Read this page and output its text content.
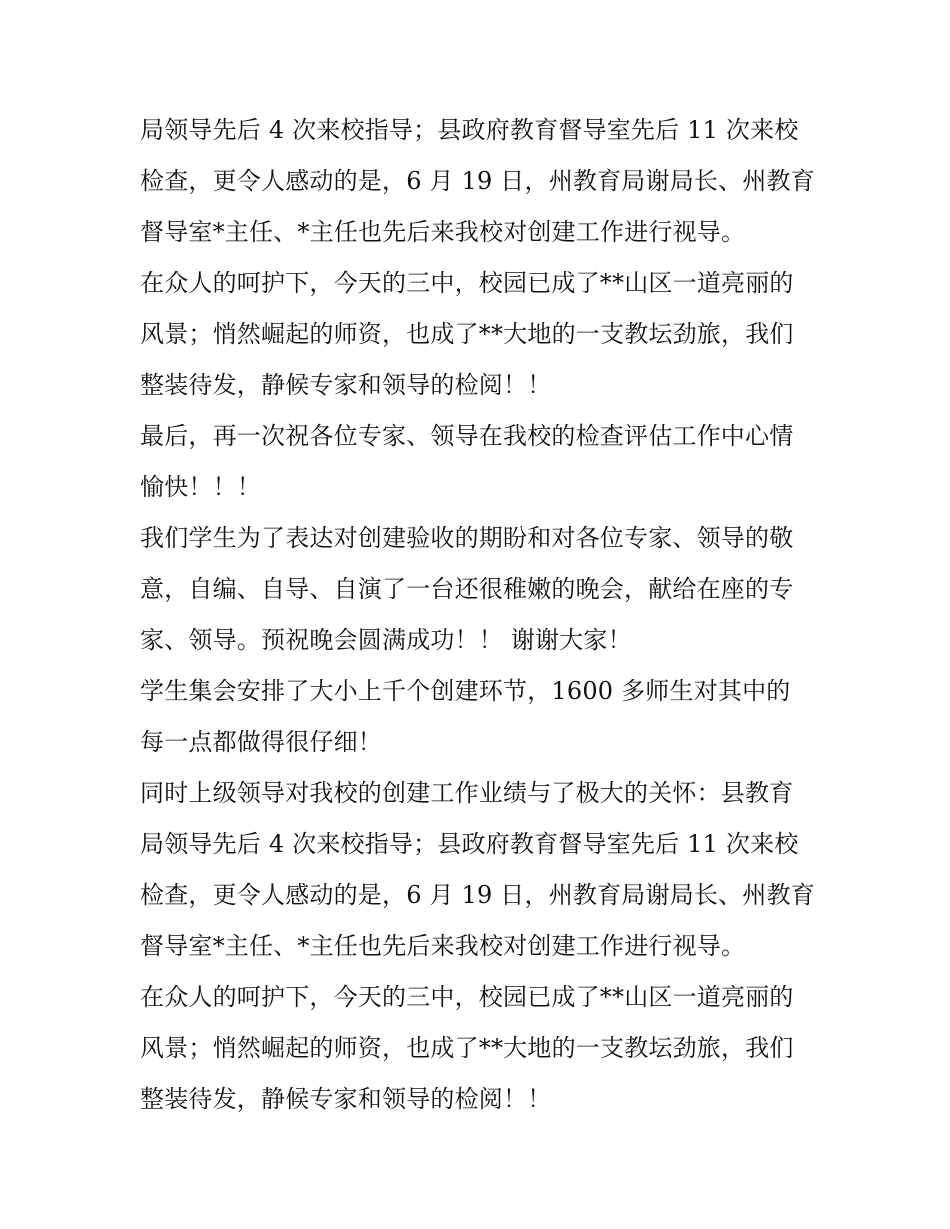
局领导先后 4 次来校指导；县政府教育督导室先后 11 次来校
检查，更令人感动的是，6 月 19 日，州教育局谢局长、州教育
督导室*主任、*主任也先后来我校对创建工作进行视导。
在众人的呵护下，今天的三中，校园已成了**山区一道亮丽的
风景；悄然崛起的师资，也成了**大地的一支教坛劲旅，我们
整装待发，静候专家和领导的检阅！！
最后，再一次祝各位专家、领导在我校的检查评估工作中心情
愉快！！！
我们学生为了表达对创建验收的期盼和对各位专家、领导的敬
意，自编、自导、自演了一台还很稚嫩的晚会，献给在座的专
家、领导。预祝晚会圆满成功！！ 谢谢大家！
学生集会安排了大小上千个创建环节，1600 多师生对其中的
每一点都做得很仔细！
同时上级领导对我校的创建工作业绩与了极大的关怀：县教育
局领导先后 4 次来校指导；县政府教育督导室先后 11 次来校
检查，更令人感动的是，6 月 19 日，州教育局谢局长、州教育
督导室*主任、*主任也先后来我校对创建工作进行视导。
在众人的呵护下，今天的三中，校园已成了**山区一道亮丽的
风景；悄然崛起的师资，也成了**大地的一支教坛劲旅，我们
整装待发，静候专家和领导的检阅！！
